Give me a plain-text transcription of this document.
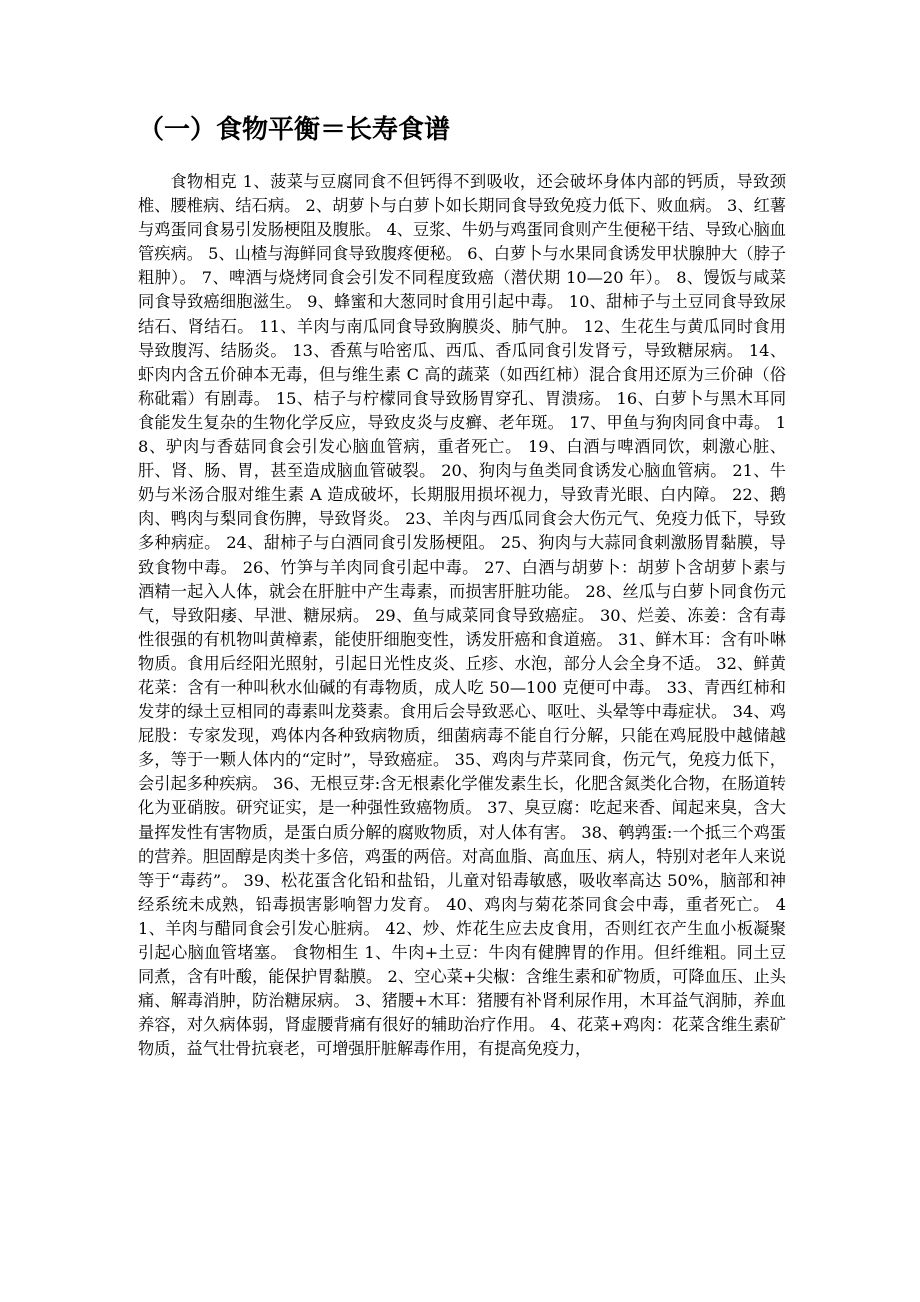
（一）食物平衡＝长寿食谱

食物相克 1、菠菜与豆腐同食不但钙得不到吸收，还会破坏身体内部的钙质，导致颈椎、腰椎病、结石病。 2、胡萝卜与白萝卜如长期同食导致免疫力低下、败血病。 3、红薯与鸡蛋同食易引发肠梗阻及腹胀。 4、豆浆、牛奶与鸡蛋同食则产生便秘干结、导致心脑血管疾病。 5、山楂与海鲜同食导致腹疼便秘。 6、白萝卜与水果同食诱发甲状腺肿大（脖子粗肿）。 7、啤酒与烧烤同食会引发不同程度致癌（潜伏期 10—20 年）。 8、馒饭与咸菜同食导致癌细胞滋生。 9、蜂蜜和大葱同时食用引起中毒。 10、甜柿子与土豆同食导致尿结石、肾结石。 11、羊肉与南瓜同食导致胸膜炎、肺气肿。 12、生花生与黄瓜同时食用导致腹泻、结肠炎。 13、香蕉与哈密瓜、西瓜、香瓜同食引发肾亏，导致糖尿病。 14、虾肉内含五价砷本无毒，但与维生素 C 高的蔬菜（如西红柿）混合食用还原为三价砷（俗称砒霜）有剧毒。 15、桔子与柠檬同食导致肠胃穿孔、胃溃疡。 16、白萝卜与黑木耳同食能发生复杂的生物化学反应，导致皮炎与皮癣、老年斑。 17、甲鱼与狗肉同食中毒。 18、驴肉与香菇同食会引发心脑血管病，重者死亡。 19、白酒与啤酒同饮，刺激心脏、肝、肾、肠、胃，甚至造成脑血管破裂。 20、狗肉与鱼类同食诱发心脑血管病。 21、牛奶与米汤合服对维生素 A 造成破坏，长期服用损坏视力，导致青光眼、白内障。 22、鹅肉、鸭肉与梨同食伤脾，导致肾炎。 23、羊肉与西瓜同食会大伤元气、免疫力低下，导致多种病症。 24、甜柿子与白酒同食引发肠梗阻。 25、狗肉与大蒜同食刺激肠胃黏膜，导致食物中毒。 26、竹笋与羊肉同食引起中毒。 27、白酒与胡萝卜：胡萝卜含胡萝卜素与酒精一起入人体，就会在肝脏中产生毒素，而损害肝脏功能。 28、丝瓜与白萝卜同食伤元气，导致阳痿、早泄、糖尿病。 29、鱼与咸菜同食导致癌症。 30、烂姜、冻姜：含有毒性很强的有机物叫黄樟素，能使肝细胞变性，诱发肝癌和食道癌。 31、鲜木耳：含有卟啉物质。食用后经阳光照射，引起日光性皮炎、丘疹、水泡，部分人会全身不适。 32、鲜黄花菜：含有一种叫秋水仙碱的有毒物质，成人吃 50—100 克便可中毒。 33、青西红柿和发芽的绿土豆相同的毒素叫龙葵素。食用后会导致恶心、呕吐、头晕等中毒症状。 34、鸡屁股：专家发现，鸡体内各种致病物质，细菌病毒不能自行分解，只能在鸡屁股中越储越多，等于一颗人体内的“定时”，导致癌症。 35、鸡肉与芹菜同食，伤元气，免疫力低下，会引起多种疾病。 36、无根豆芽:含无根素化学催发素生长，化肥含氮类化合物，在肠道转化为亚硝胺。研究证实，是一种强性致癌物质。 37、臭豆腐：吃起来香、闻起来臭，含大量挥发性有害物质，是蛋白质分解的腐败物质，对人体有害。 38、鹌鹑蛋:一个抵三个鸡蛋的营养。胆固醇是肉类十多倍，鸡蛋的两倍。对高血脂、高血压、病人，特别对老年人来说等于“毒药”。 39、松花蛋含化铅和盐铅，儿童对铅毒敏感，吸收率高达 50%，脑部和神经系统未成熟，铅毒损害影响智力发育。 40、鸡肉与菊花茶同食会中毒，重者死亡。 41、羊肉与醋同食会引发心脏病。 42、炒、炸花生应去皮食用，否则红衣产生血小板凝聚引起心脑血管堵塞。 食物相生 1、牛肉+土豆：牛肉有健脾胃的作用。但纤维粗。同土豆同煮，含有叶酸，能保护胃黏膜。 2、空心菜+尖椒：含维生素和矿物质，可降血压、止头痛、解毒消肿，防治糖尿病。 3、猪腰+木耳：猪腰有补肾利尿作用，木耳益气润肺，养血养容，对久病体弱，肾虚腰背痛有很好的辅助治疗作用。 4、花菜+鸡肉：花菜含维生素矿物质，益气壮骨抗衰老，可增强肝脏解毒作用，有提高免疫力，
